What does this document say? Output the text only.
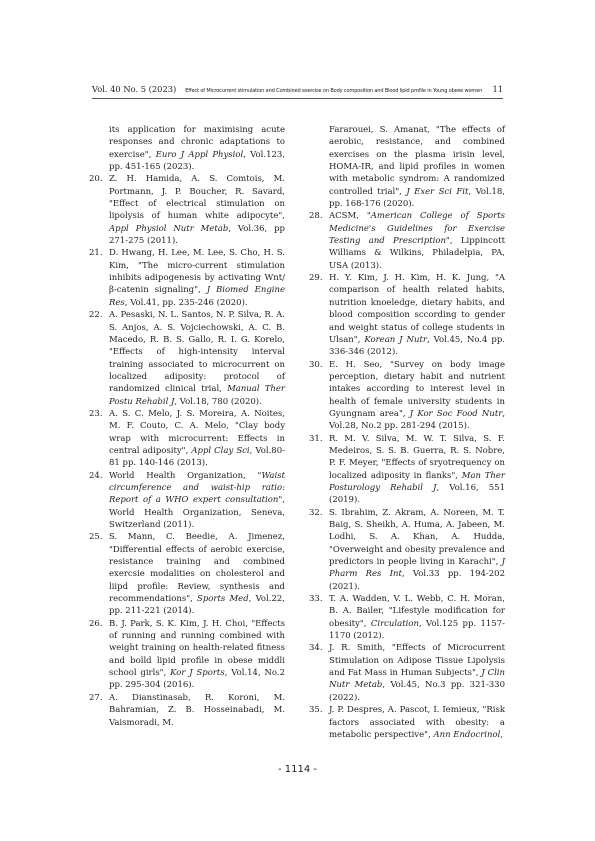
Vol. 40 No. 5 (2023) Effect of Microcurrent stimulation and Combined exercise on Body composition and Blood lipid profile in Young obese women	11

its application for maximising acute responses and chronic adaptations to exercise", Euro J Appl Physiol, Vol.123, pp. 451-165 (2023).

20. Z. H. Hamida, A. S. Comtois, M. Portmann, J. P. Boucher, R. Savard, "Effect of electrical stimulation on lipolysis of human white adipocyte", Appl Physiol Nutr Metab, Vol.36, pp 271-275 (2011).

21. D. Hwang, H. Lee, M. Lee, S. Cho, H. S. Kim, "The micro-current stimulation inhibits adipogenesis by activating Wnt/β-catenin signaling", J Biomed Engine Res, Vol.41, pp. 235-246 (2020).

22. A. Pesaski, N. L. Santos, N. P. Silva, R. A. S. Anjos, A. S. Vojciechowski, A. C. B. Macedo, R. B. S. Gallo, R. I. G. Korelo, "Effects of high-intensity interval training associated to microcurrent on localized adiposity: protocol of randomized clinical trial, Manual Ther Postu Rehabil J, Vol.18, 780 (2020).

23. A. S. C. Melo, J. S. Moreira, A. Noites, M. F. Couto, C. A. Melo, "Clay body wrap with microcurrent: Effects in central adiposity", Appl Clay Sci, Vol.80-81 pp. 140-146 (2013).

24. World Health Organization, "Waist circumference and waist-hip ratio: Report of a WHO expert consultation", World Health Organization, Seneva, Switzerland (2011).

25. S. Mann, C. Beedie, A. Jimenez, "Differential effects of aerobic exercise, resistance training and combined exercsie modalities on cholesterol and liipd profile: Review, synthesis and recommendations", Sports Med, Vol.22, pp. 211-221 (2014).

26. B. J. Park, S. K. Kim, J. H. Choi, "Effects of running and running combined with weight training on health-related fitness and bolld lipid profile in obese middli school girls", Kor J Sports, Vol.14, No.2 pp. 295-304 (2016).

27. A. Dianstinasab, R. Koroni, M. Bahramian, Z. B. Hosseinabadi, M. Vaismoradi, M.

Fararouei, S. Amanat, "The effects of aerobic, resistance, and combined exercises on the plasma irisin level, HOMA-IR, and lipid profiles in women with metabolic syndrom: A randomized controlled trial", J Exer Sci Fit, Vol.18, pp. 168-176 (2020).

28. ACSM, "American College of Sports Medicine's Guidelines for Exercise Testing and Prescription", Lippincott Williams & Wilkins, Philadelpia, PA, USA (2013).

29. H. Y. Kim, J. H. Kim, H. K. Jung, "A comparison of health related habits, nutrition knoeledge, dietary habits, and blood composition sccording to gender and weight status of college students in Ulsan", Korean J Nutr, Vol.45, No.4 pp. 336-346 (2012).

30. E. H. Seo, "Survey on body image perception, dietary habit and nutrient intakes according to interest level in health of female university students in Gyungnam area", J Kor Soc Food Nutr, Vol.28, No.2 pp. 281-294 (2015).

31. R. M. V. Silva, M. W. T. Silva, S. F. Medeiros, S. S. B. Guerra, R. S. Nobre, P. F. Meyer, "Effects of sryotrequency on localized adiposity in flanks", Man Ther Posturology Rehabil J, Vol.16, 551 (2019).

32. S. Ibrahim, Z. Akram, A. Noreen, M. T. Baig, S. Sheikh, A. Huma, A. Jabeen, M. Lodhi, S. A. Khan, A. Hudda, "Overweight and obesity prevalence and predictors in people living in Karachi", J Pharm Res Int, Vol.33 pp. 194-202 (2021).

33. T. A. Wadden, V. L. Webb, C. H. Moran, B. A. Bailer, "Lifestyle modification for obesity", Circulation, Vol.125 pp. 1157-1170 (2012).

34. J. R. Smith, "Effects of Microcurrent Stimulation on Adipose Tissue Lipolysis and Fat Mass in Human Subjects", J Clin Nutr Metab, Vol.45, No.3 pp. 321-330 (2022).

35. J. P. Despres, A. Pascot, I. Iemieux, "Risk factors associated with obesity: a metabolic perspective", Ann Endocrinol,

- 1114 -
